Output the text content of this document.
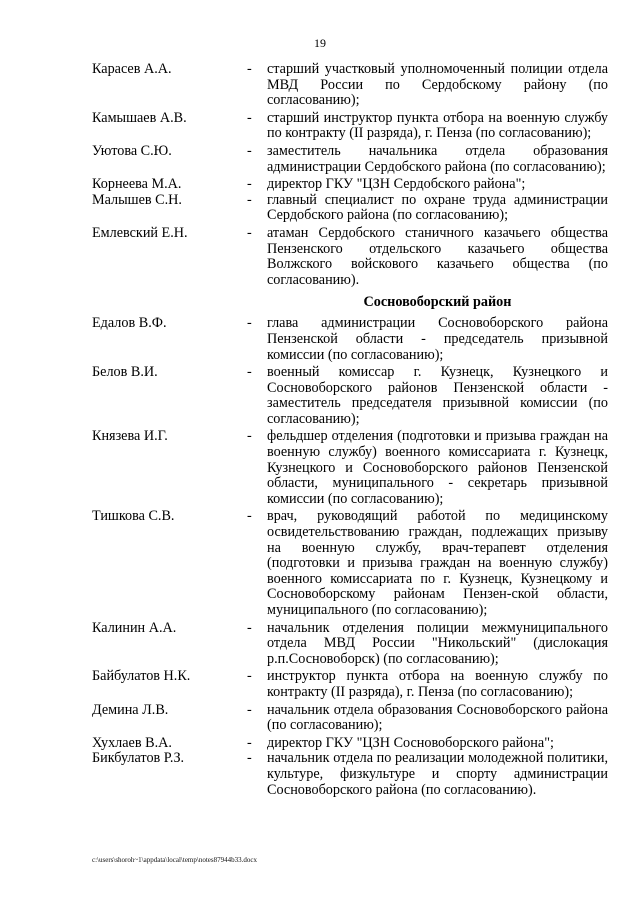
19
Карасев А.А.	-	старший участковый уполномоченный полиции отдела МВД России по Сердобскому району (по согласованию);
Камышаев А.В.	-	старший инструктор пункта отбора на военную службу по контракту (II разряда), г. Пенза (по согласованию);
Уютова С.Ю.	-	заместитель начальника отдела образования администрации Сердобского района (по согласованию);
Корнеева М.А.	-	директор ГКУ "ЦЗН Сердобского района";
Малышев С.Н.	-	главный специалист по охране труда администрации Сердобского района (по согласованию);
Емлевский Е.Н.	-	атаман Сердобского станичного казачьего общества Пензенского отдельского казачьего общества Волжского войскового казачьего общества (по согласованию).
Сосновоборский район
Едалов В.Ф.	-	глава администрации Сосновоборского района Пензенской области - председатель призывной комиссии (по согласованию);
Белов В.И.	-	военный комиссар г. Кузнецк, Кузнецкого и Сосновоборского районов Пензенской области - заместитель председателя призывной комиссии (по согласованию);
Князева И.Г.	-	фельдшер отделения (подготовки и призыва граждан на военную службу) военного комиссариата г. Кузнецк, Кузнецкого и Сосновоборского районов Пензенской области, муниципального - секретарь призывной комиссии (по согласованию);
Тишкова С.В.	-	врач, руководящий работой по медицинскому освидетельствованию граждан, подлежащих призыву на военную службу, врач-терапевт отделения (подготовки и призыва граждан на военную службу) военного комиссариата по г. Кузнецк, Кузнецкому и Сосновоборскому районам Пензен-ской области, муниципального (по согласованию);
Калинин А.А.	-	начальник отделения полиции межмуниципального отдела МВД России "Никольский" (дислокация р.п.Сосновоборск) (по согласованию);
Байбулатов Н.К.	-	инструктор пункта отбора на военную службу по контракту (II разряда), г. Пенза (по согласованию);
Демина Л.В.	-	начальник отдела образования Сосновоборского района (по согласованию);
Хухлаев В.А.	-	директор ГКУ "ЦЗН Сосновоборского района";
Бикбулатов Р.З.	-	начальник отдела по реализации молодежной политики, культуре, физкультуре и спорту администрации Сосновоборского района (по согласованию).
c:\users\shoroh~1\appdata\local\temp\notes87944b33.docx
